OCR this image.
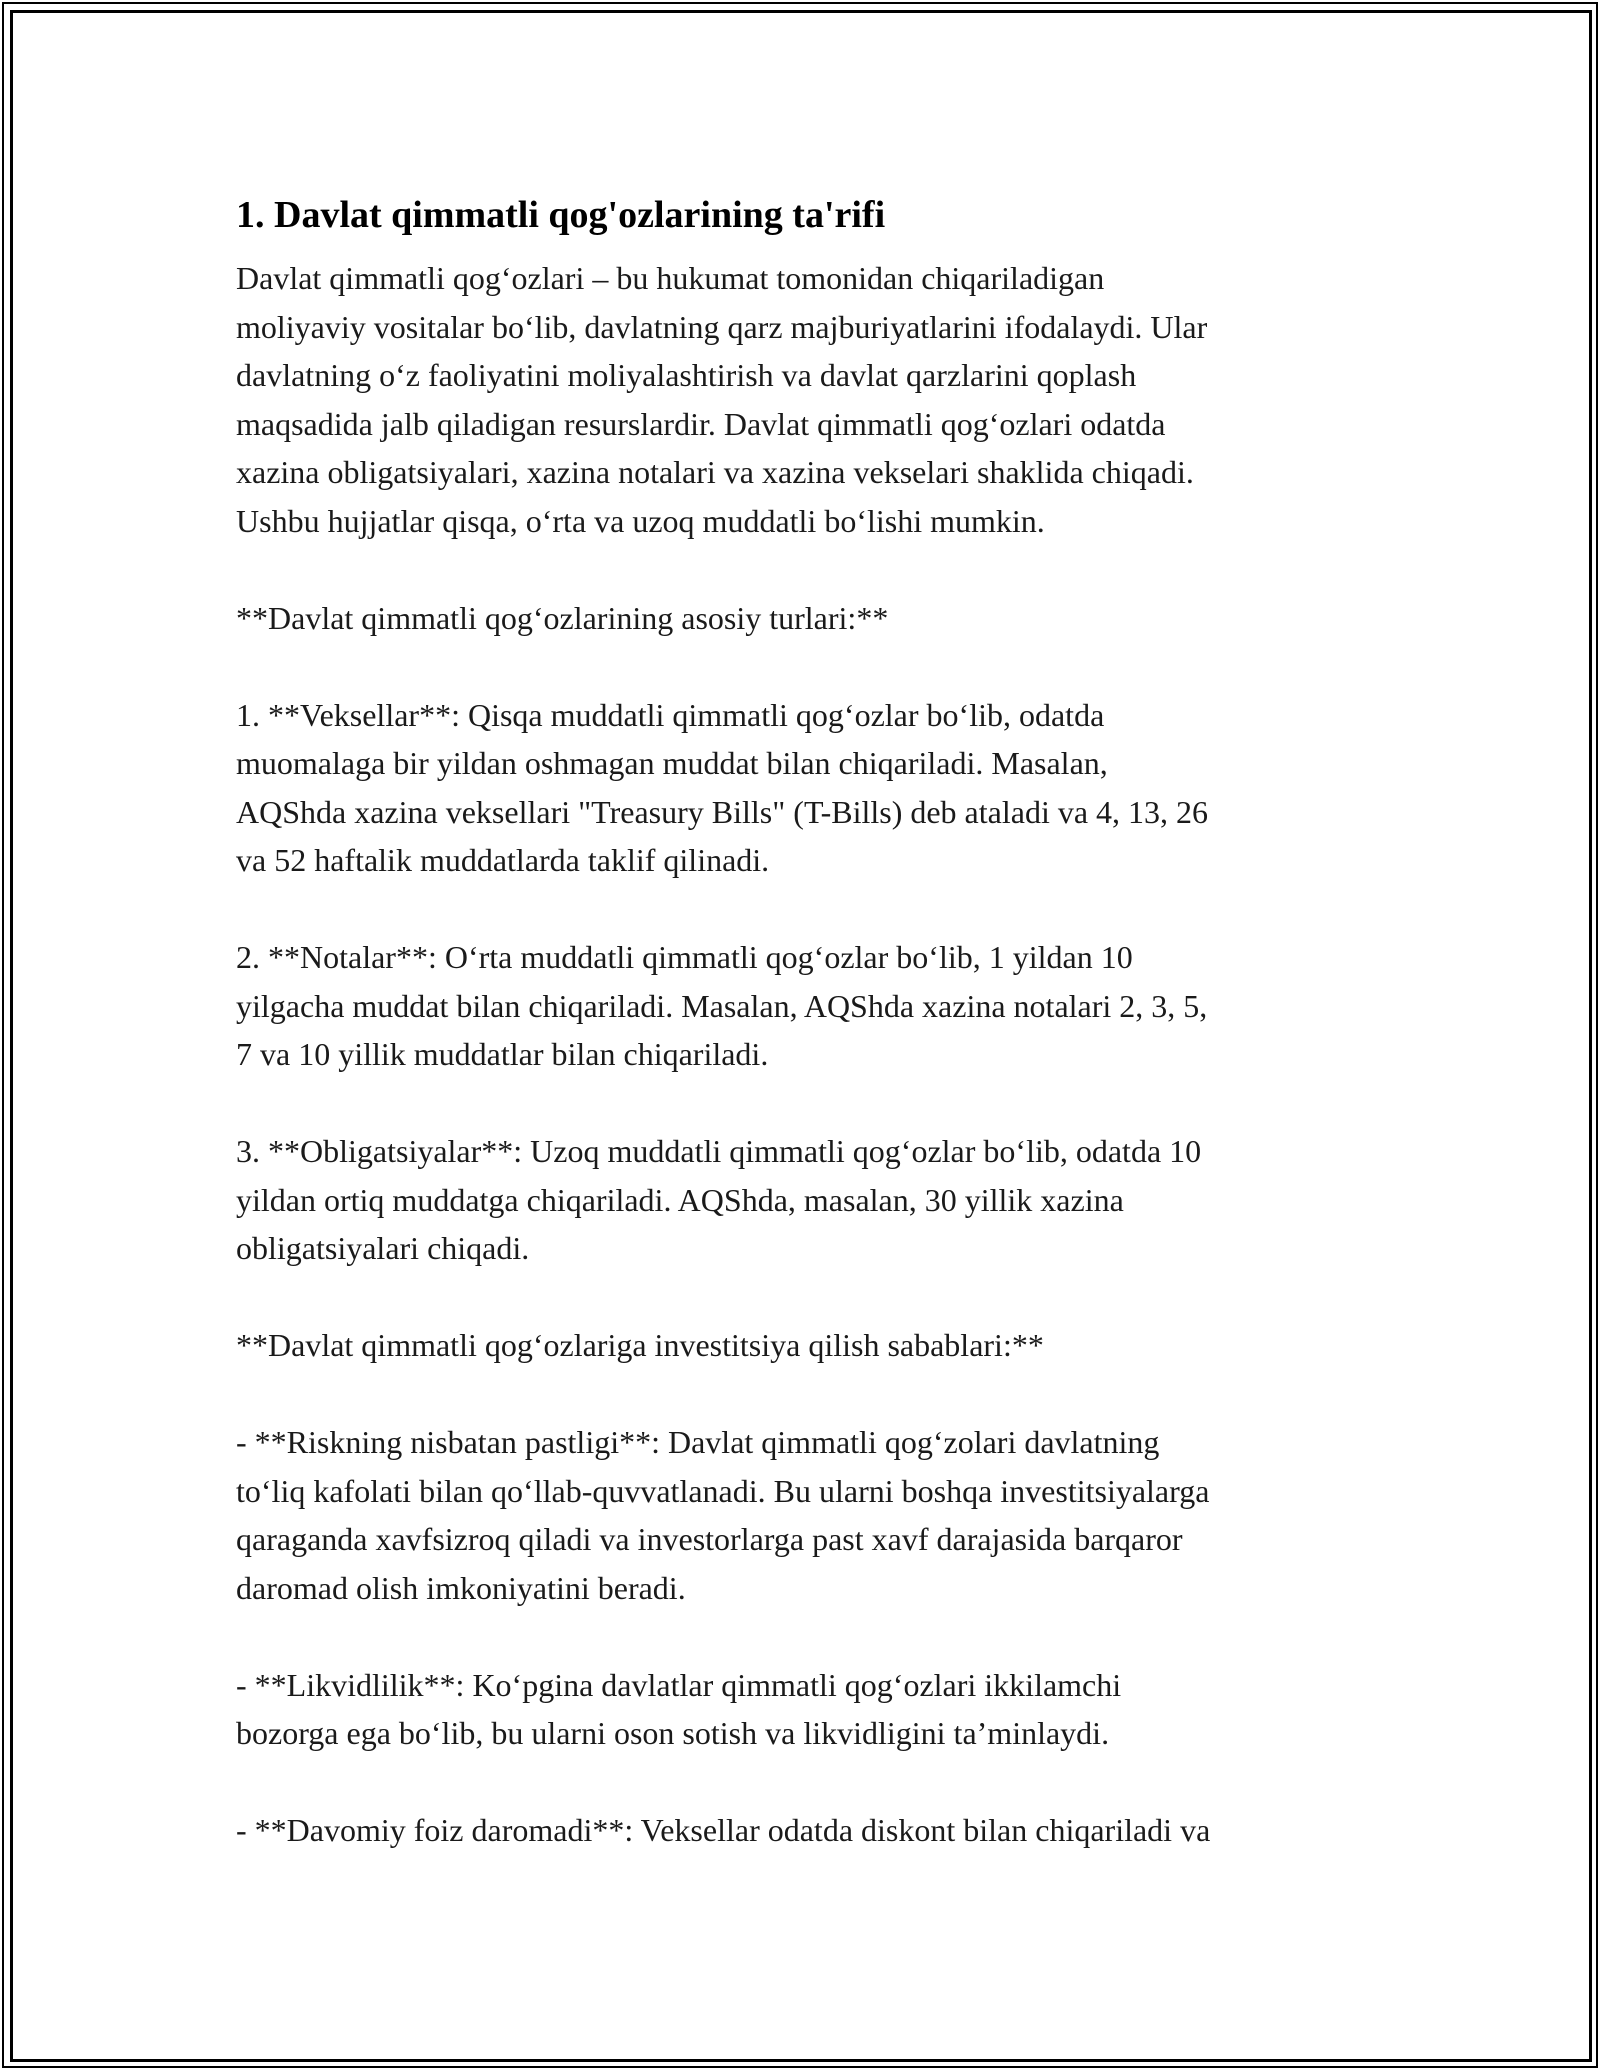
1. Davlat qimmatli qog'ozlarining ta'rifi

Davlat qimmatli qog‘ozlari – bu hukumat tomonidan chiqariladigan
moliyaviy vositalar bo‘lib, davlatning qarz majburiyatlarini ifodalaydi. Ular
davlatning o‘z faoliyatini moliyalashtirish va davlat qarzlarini qoplash
maqsadida jalb qiladigan resurslardir. Davlat qimmatli qog‘ozlari odatda
xazina obligatsiyalari, xazina notalari va xazina vekselari shaklida chiqadi.
Ushbu hujjatlar qisqa, o‘rta va uzoq muddatli bo‘lishi mumkin.

**Davlat qimmatli qog‘ozlarining asosiy turlari:**

1. **Veksellar**: Qisqa muddatli qimmatli qog‘ozlar bo‘lib, odatda
muomalaga bir yildan oshmagan muddat bilan chiqariladi. Masalan,
AQShda xazina veksellari "Treasury Bills" (T-Bills) deb ataladi va 4, 13, 26
va 52 haftalik muddatlarda taklif qilinadi.

2. **Notalar**: O‘rta muddatli qimmatli qog‘ozlar bo‘lib, 1 yildan 10
yilgacha muddat bilan chiqariladi. Masalan, AQShda xazina notalari 2, 3, 5,
7 va 10 yillik muddatlar bilan chiqariladi.

3. **Obligatsiyalar**: Uzoq muddatli qimmatli qog‘ozlar bo‘lib, odatda 10
yildan ortiq muddatga chiqariladi. AQShda, masalan, 30 yillik xazina
obligatsiyalari chiqadi.

**Davlat qimmatli qog‘ozlariga investitsiya qilish sabablari:**

- **Riskning nisbatan pastligi**: Davlat qimmatli qog‘zolari davlatning
to‘liq kafolati bilan qo‘llab-quvvatlanadi. Bu ularni boshqa investitsiyalarga
qaraganda xavfsizroq qiladi va investorlarga past xavf darajasida barqaror
daromad olish imkoniyatini beradi.

- **Likvidlilik**: Ko‘pgina davlatlar qimmatli qog‘ozlari ikkilamchi
bozorga ega bo‘lib, bu ularni oson sotish va likvidligini ta’minlaydi.

- **Davomiy foiz daromadi**: Veksellar odatda diskont bilan chiqariladi va
